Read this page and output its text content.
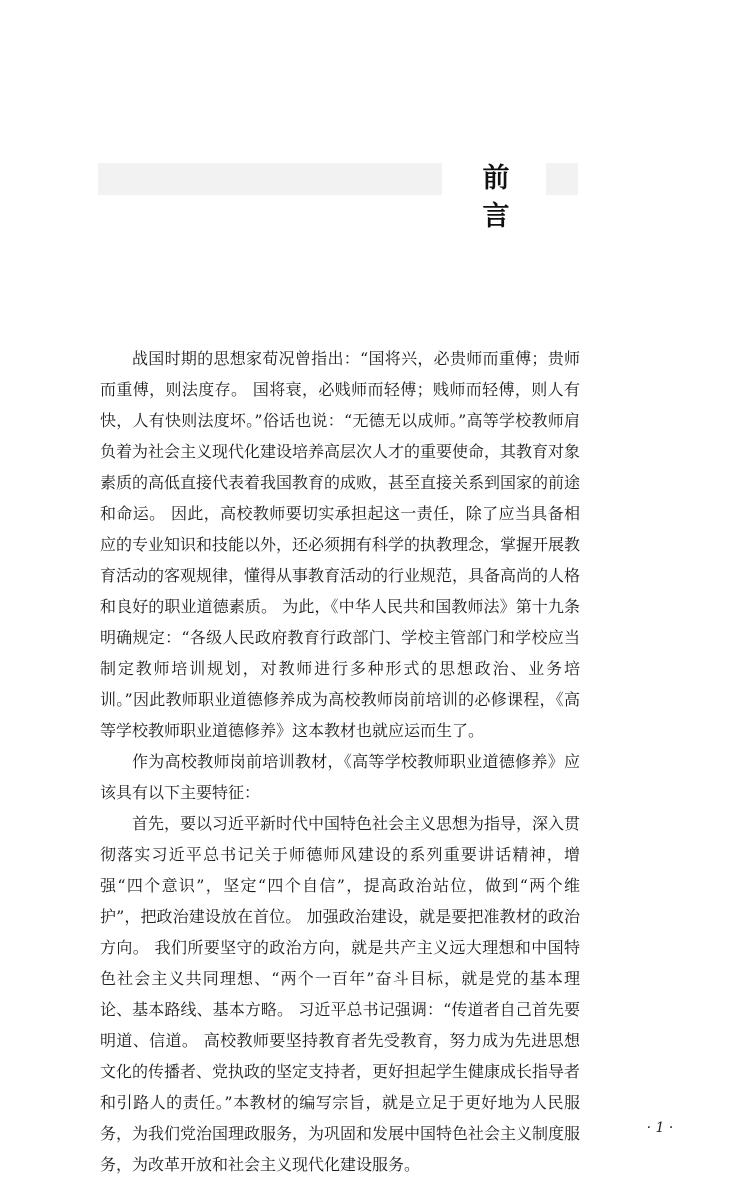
前 言

战国时期的思想家荀况曾指出：“国将兴，必贵师而重傅；贵师而重傅，则法度存。 国将衰，必贱师而轻傅；贱师而轻傅，则人有快，人有快则法度坏。”俗话也说：“无德无以成师。”高等学校教师肩负着为社会主义现代化建设培养高层次人才的重要使命，其教育对象素质的高低直接代表着我国教育的成败，甚至直接关系到国家的前途和命运。 因此，高校教师要切实承担起这一责任，除了应当具备相应的专业知识和技能以外，还必须拥有科学的执教理念，掌握开展教育活动的客观规律，懂得从事教育活动的行业规范，具备高尚的人格和良好的职业道德素质。 为此，《中华人民共和国教师法》第十九条明确规定：“各级人民政府教育行政部门、学校主管部门和学校应当制定教师培训规划，对教师进行多种形式的思想政治、业务培训。”因此教师职业道德修养成为高校教师岗前培训的必修课程，《高等学校教师职业道德修养》这本教材也就应运而生了。

作为高校教师岗前培训教材，《高等学校教师职业道德修养》应该具有以下主要特征：

首先，要以习近平新时代中国特色社会主义思想为指导，深入贯彻落实习近平总书记关于师德师风建设的系列重要讲话精神，增强“四个意识”，坚定“四个自信”，提高政治站位，做到“两个维护”，把政治建设放在首位。 加强政治建设，就是要把准教材的政治方向。 我们所要坚守的政治方向，就是共产主义远大理想和中国特色社会主义共同理想、“两个一百年”奋斗目标，就是党的基本理论、基本路线、基本方略。 习近平总书记强调：“传道者自己首先要明道、信道。 高校教师要坚持教育者先受教育，努力成为先进思想文化的传播者、党执政的坚定支持者，更好担起学生健康成长指导者和引路人的责任。”本教材的编写宗旨，就是立足于更好地为人民服务，为我们党治国理政服务，为巩固和发展中国特色社会主义制度服务，为改革开放和社会主义现代化建设服务。

· 1 ·
